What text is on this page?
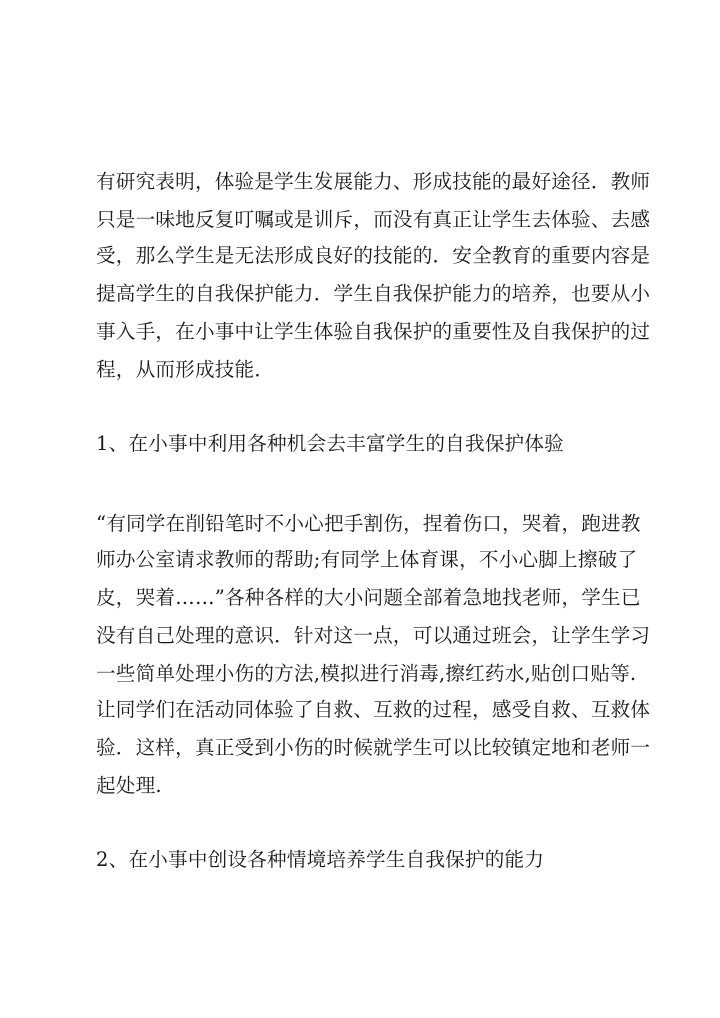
有研究表明，体验是学生发展能力、形成技能的最好途径．教师
只是一味地反复叮嘱或是训斥，而没有真正让学生去体验、去感
受，那么学生是无法形成良好的技能的．安全教育的重要内容是
提高学生的自我保护能力．学生自我保护能力的培养，也要从小
事入手，在小事中让学生体验自我保护的重要性及自我保护的过
程，从而形成技能．
1、在小事中利用各种机会去丰富学生的自我保护体验
“有同学在削铅笔时不小心把手割伤，捏着伤口，哭着，跑进教
师办公室请求教师的帮助;有同学上体育课，不小心脚上擦破了
皮，哭着……”各种各样的大小问题全部着急地找老师，学生已
没有自己处理的意识．针对这一点，可以通过班会，让学生学习
一些简单处理小伤的方法,模拟进行消毒,擦红药水,贴创口贴等.
让同学们在活动同体验了自救、互救的过程，感受自救、互救体
验．这样，真正受到小伤的时候就学生可以比较镇定地和老师一
起处理.
2、在小事中创设各种情境培养学生自我保护的能力
